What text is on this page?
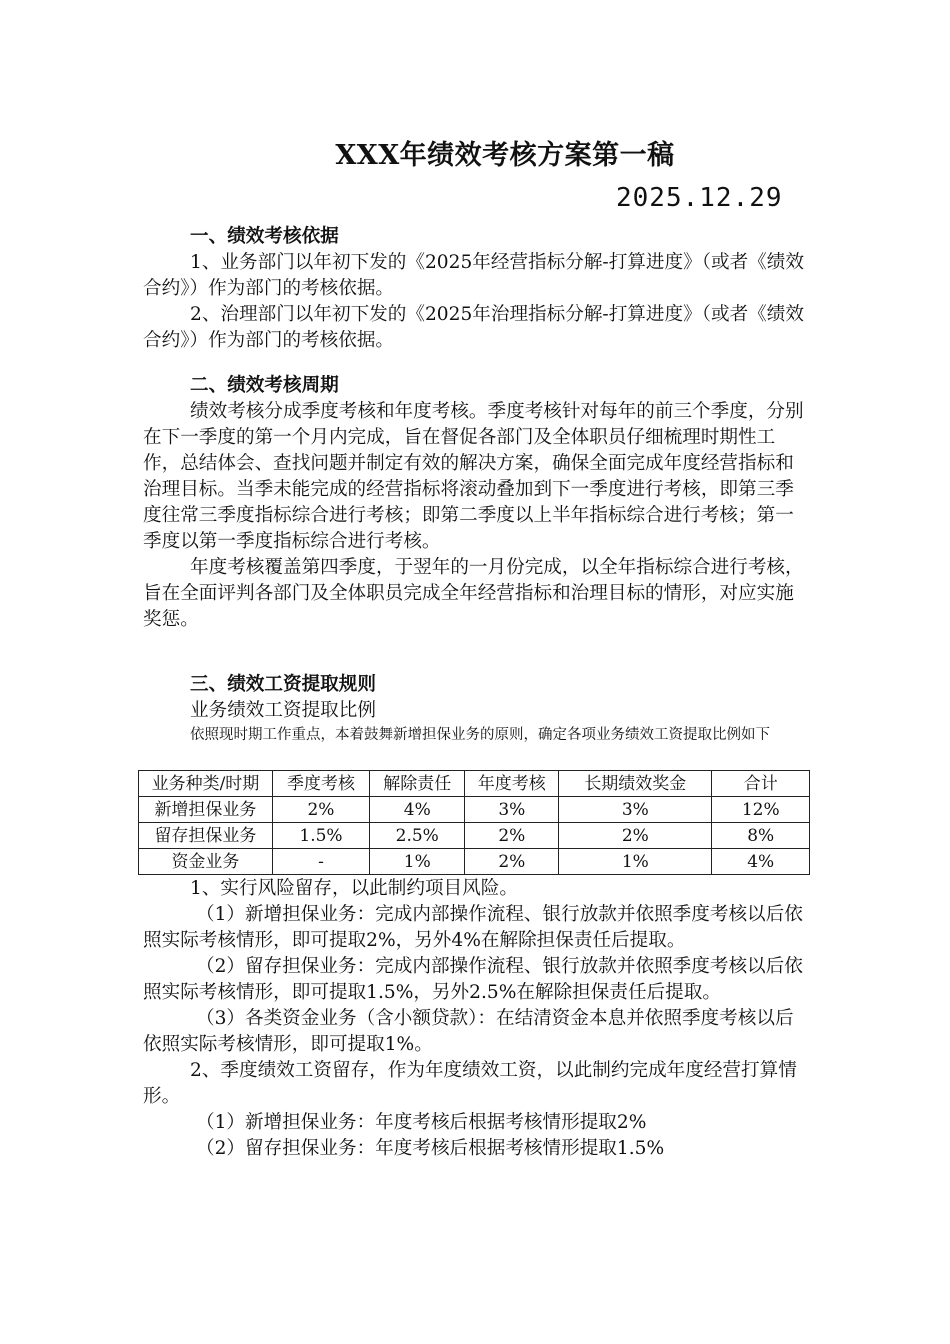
XXX年绩效考核方案第一稿
2025.12.29

一、绩效考核依据

1、业务部门以年初下发的《2025年经营指标分解-打算进度》（或者《绩效合约》）作为部门的考核依据。

2、治理部门以年初下发的《2025年治理指标分解-打算进度》（或者《绩效合约》）作为部门的考核依据。

二、绩效考核周期

绩效考核分成季度考核和年度考核。季度考核针对每年的前三个季度，分别在下一季度的第一个月内完成，旨在督促各部门及全体职员仔细梳理时期性工作，总结体会、查找问题并制定有效的解决方案，确保全面完成年度经营指标和治理目标。当季未能完成的经营指标将滚动叠加到下一季度进行考核，即第三季度往常三季度指标综合进行考核；即第二季度以上半年指标综合进行考核；第一季度以第一季度指标综合进行考核。

年度考核覆盖第四季度，于翌年的一月份完成，以全年指标综合进行考核，旨在全面评判各部门及全体职员完成全年经营指标和治理目标的情形，对应实施奖惩。

三、绩效工资提取规则

业务绩效工资提取比例

依照现时期工作重点，本着鼓舞新增担保业务的原则，确定各项业务绩效工资提取比例如下

业务种类/时期	季度考核	解除责任	年度考核	长期绩效奖金	合计
新增担保业务	2%	4%	3%	3%	12%
留存担保业务	1.5%	2.5%	2%	2%	8%
资金业务	-	1%	2%	1%	4%

1、实行风险留存，以此制约项目风险。

（1）新增担保业务：完成内部操作流程、银行放款并依照季度考核以后依照实际考核情形，即可提取2%，另外4%在解除担保责任后提取。

（2）留存担保业务：完成内部操作流程、银行放款并依照季度考核以后依照实际考核情形，即可提取1.5%，另外2.5%在解除担保责任后提取。

（3）各类资金业务（含小额贷款）：在结清资金本息并依照季度考核以后依照实际考核情形，即可提取1%。

2、季度绩效工资留存，作为年度绩效工资，以此制约完成年度经营打算情形。

（1）新增担保业务：年度考核后根据考核情形提取2%

（2）留存担保业务：年度考核后根据考核情形提取1.5%
